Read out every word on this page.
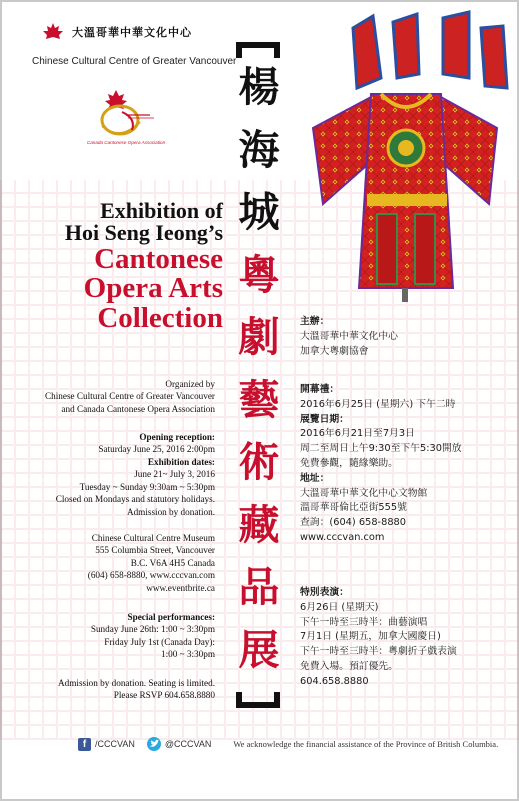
大溫哥華中華文化中心
Chinese Cultural Centre of Greater Vancouver
Canada Cantonese Opera Association
Exhibition of
Hoi Seng Ieong’s
Cantonese
Opera Arts
Collection
Organized by
Chinese Cultural Centre of Greater Vancouver
and Canada Cantonese Opera Association
Opening reception:
Saturday June 25, 2016 2:00pm
Exhibition dates:
June 21~ July 3, 2016
Tuesday ~ Sunday 9:30am ~ 5:30pm
Closed on Mondays and statutory holidays.
Admission by donation.
Chinese Cultural Centre Museum
555 Columbia Street, Vancouver
B.C. V6A 4H5 Canada
(604) 658-8880, www.cccvan.com
www.eventbrite.ca
Special performances:
Sunday June 26th: 1:00 ~ 3:30pm
Friday July 1st (Canada Day):
1:00 ~ 3:30pm
Admission by donation. Seating is limited.
Please RSVP 604.658.8880
楊
海
城
粵
劇
藝
術
藏
品
展
主辦：
大溫哥華中華文化中心
加拿大粵劇協會
開幕禮：
2016年6月25日 (星期六) 下午二時
展覽日期：
2016年6月21日至7月3日
周二至周日上午9:30至下午5:30開放
免費參觀，隨緣樂助。
地址：
大溫哥華中華文化中心文物館
溫哥華哥倫比亞街555號
查詢：(604) 658-8880
www.cccvan.com
特別表演：
6月26日 (星期天)
下午一時至三時半：曲藝演唱
7月1日 (星期五，加拿大國慶日)
下午一時至三時半：粵劇折子戲表演
免費入場。預訂優先。
604.658.8880
f /CCCVAN	@CCCVAN	We acknowledge the financial assistance of the Province of British Columbia.
